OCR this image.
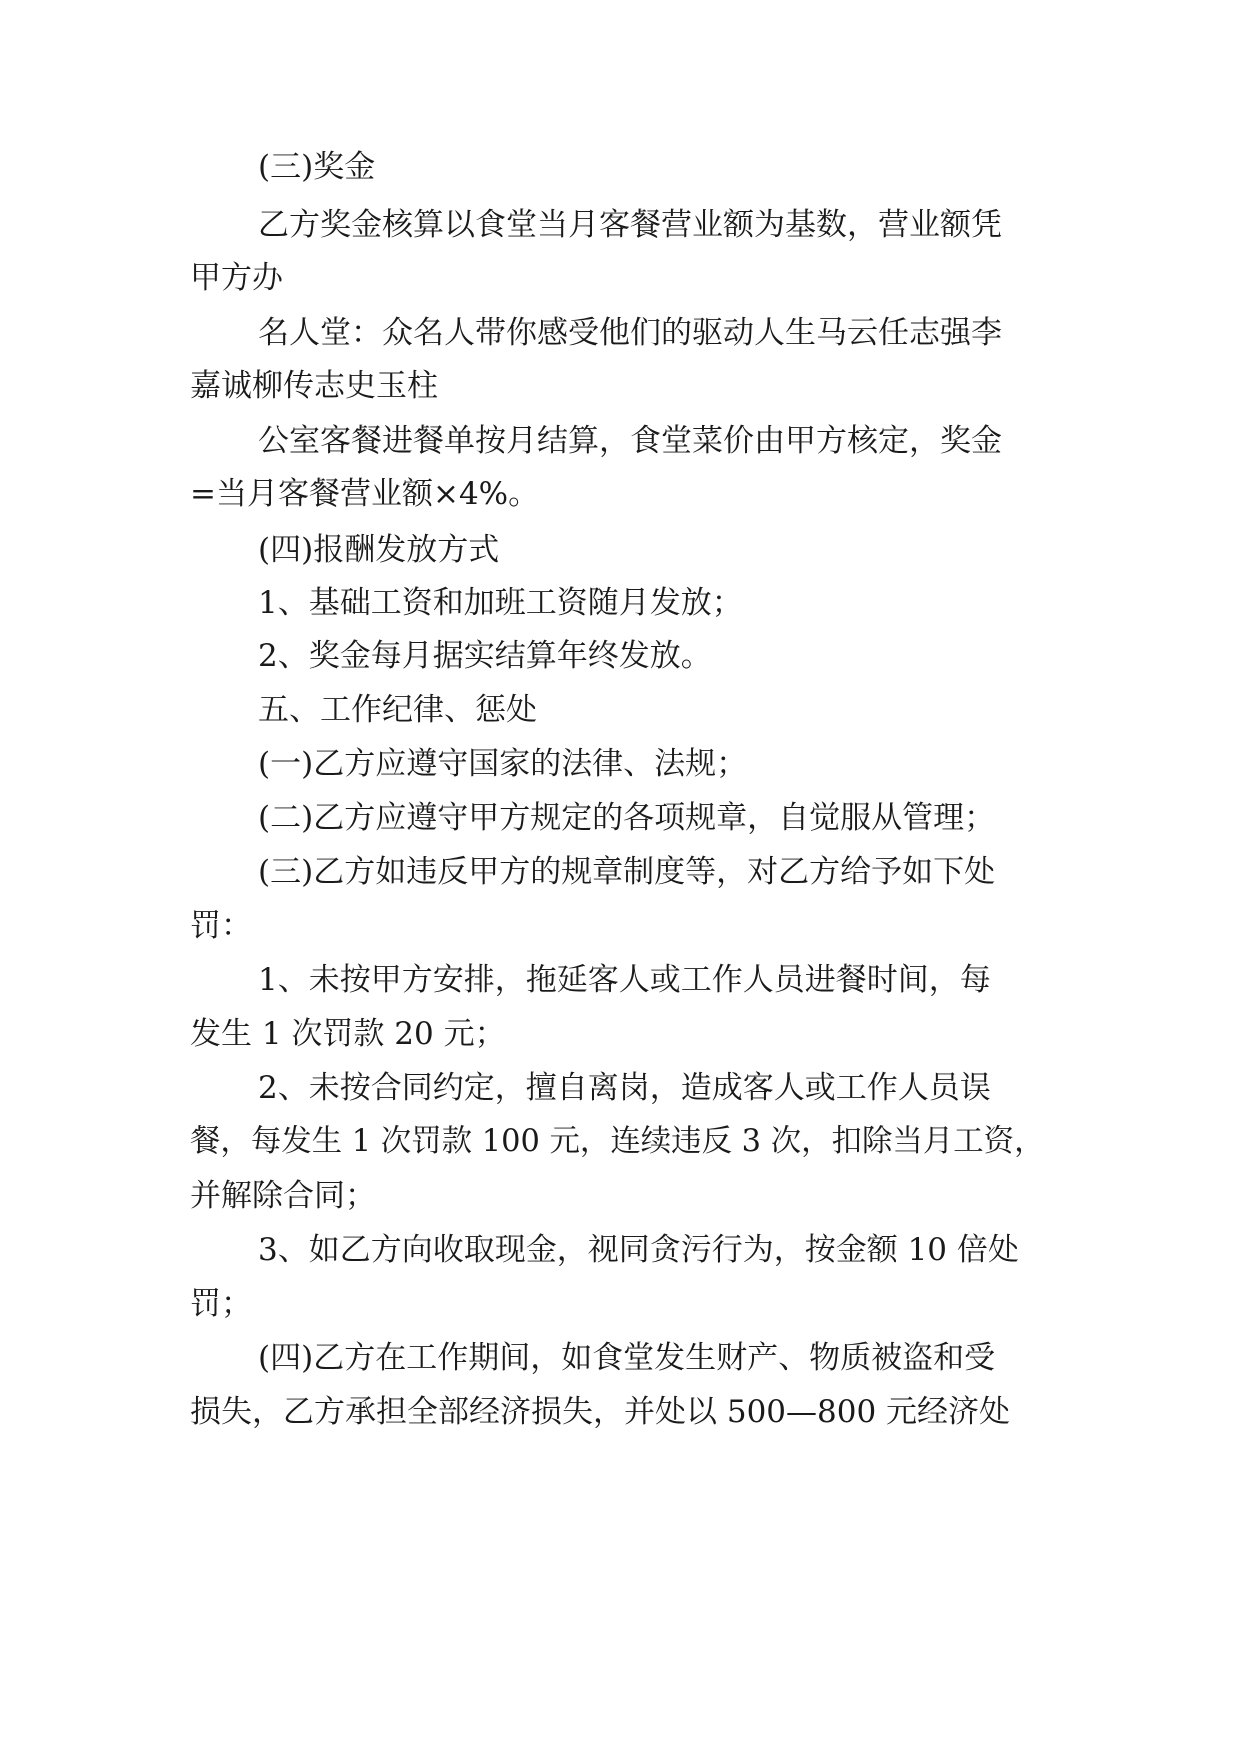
(三)奖金

乙方奖金核算以食堂当月客餐营业额为基数，营业额凭

甲方办

名人堂：众名人带你感受他们的驱动人生马云任志强李

嘉诚柳传志史玉柱

公室客餐进餐单按月结算，食堂菜价由甲方核定，奖金

=当月客餐营业额×4%。

(四)报酬发放方式

1、基础工资和加班工资随月发放；

2、奖金每月据实结算年终发放。

五、工作纪律、惩处

(一)乙方应遵守国家的法律、法规；

(二)乙方应遵守甲方规定的各项规章，自觉服从管理；

(三)乙方如违反甲方的规章制度等，对乙方给予如下处

罚：

1、未按甲方安排，拖延客人或工作人员进餐时间，每

发生 1 次罚款 20 元；

2、未按合同约定，擅自离岗，造成客人或工作人员误

餐，每发生 1 次罚款 100 元，连续违反 3 次，扣除当月工资，

并解除合同；

3、如乙方向收取现金，视同贪污行为，按金额 10 倍处

罚；

(四)乙方在工作期间，如食堂发生财产、物质被盗和受

损失，乙方承担全部经济损失，并处以 500—800 元经济处
